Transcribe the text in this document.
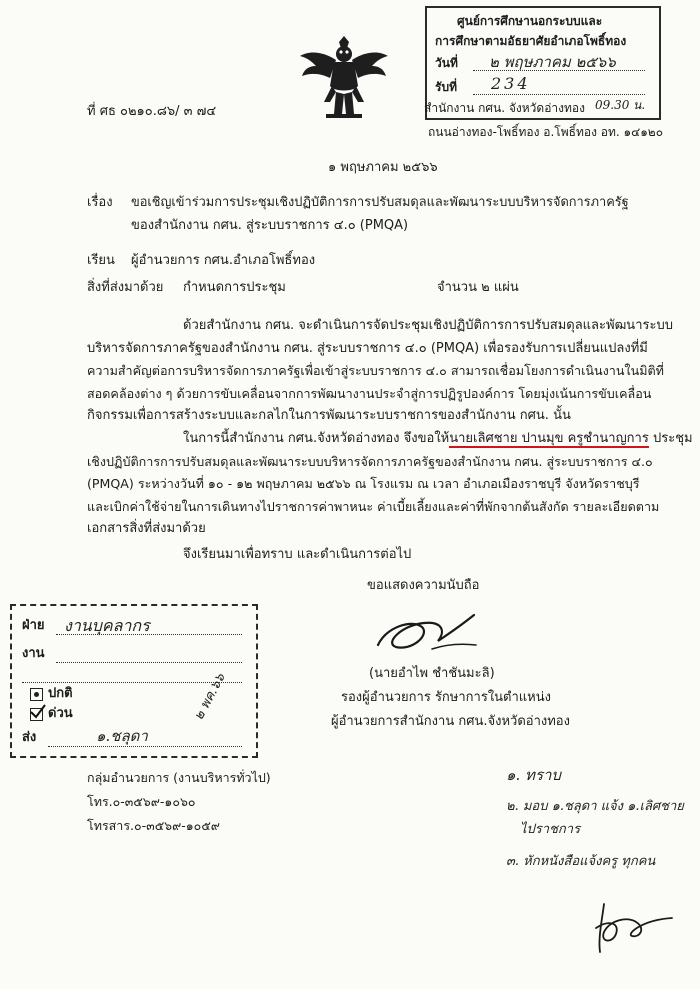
ศูนย์การศึกษานอกระบบและ
การศึกษาตามอัธยาศัยอำเภอโพธิ์ทอง
วันที่ ๒ พฤษภาคม ๒๕๖๖
รับที่ 234
09.30 น.
ที่ ศธ ๐๒๑๐.๘๖/ ๓ ๗๔	สำนักงาน กศน. จังหวัดอ่างทอง
ถนนอ่างทอง-โพธิ์ทอง อ.โพธิ์ทอง อท. ๑๔๑๒๐
๑ พฤษภาคม ๒๕๖๖
เรื่อง ขอเชิญเข้าร่วมการประชุมเชิงปฏิบัติการการปรับสมดุลและพัฒนาระบบบริหารจัดการภาครัฐ
ของสำนักงาน กศน. สู่ระบบราชการ ๔.๐ (PMQA)
เรียน ผู้อำนวยการ กศน.อำเภอโพธิ์ทอง
สิ่งที่ส่งมาด้วย กำหนดการประชุม	จำนวน ๒ แผ่น
ด้วยสำนักงาน กศน. จะดำเนินการจัดประชุมเชิงปฏิบัติการการปรับสมดุลและพัฒนาระบบ
บริหารจัดการภาครัฐของสำนักงาน กศน. สู่ระบบราชการ ๔.๐ (PMQA) เพื่อรองรับการเปลี่ยนแปลงที่มี
ความสำคัญต่อการบริหารจัดการภาครัฐเพื่อเข้าสู่ระบบราชการ ๔.๐ สามารถเชื่อมโยงการดำเนินงานในมิติที่
สอดคล้องต่าง ๆ ด้วยการขับเคลื่อนจากการพัฒนางานประจำสู่การปฏิรูปองค์การ โดยมุ่งเน้นการขับเคลื่อน
กิจกรรมเพื่อการสร้างระบบและกลไกในการพัฒนาระบบราชการของสำนักงาน กศน. นั้น
ในการนี้สำนักงาน กศน.จังหวัดอ่างทอง จึงขอให้นายเลิศชาย ปานมุข ครูชำนาญการ ประชุม
เชิงปฏิบัติการการปรับสมดุลและพัฒนาระบบบริหารจัดการภาครัฐของสำนักงาน กศน. สู่ระบบราชการ ๔.๐
(PMQA) ระหว่างวันที่ ๑๐ - ๑๒ พฤษภาคม ๒๕๖๖ ณ โรงแรม ณ เวลา อำเภอเมืองราชบุรี จังหวัดราชบุรี
และเบิกค่าใช้จ่ายในการเดินทางไปราชการค่าพาหนะ ค่าเบี้ยเลี้ยงและค่าที่พักจากต้นสังกัด รายละเอียดตาม
เอกสารสิ่งที่ส่งมาด้วย
จึงเรียนมาเพื่อทราบ และดำเนินการต่อไป
ขอแสดงความนับถือ
(นายอำไพ ชำชันมะลิ)
รองผู้อำนวยการ รักษาการในตำแหน่ง
ผู้อำนวยการสำนักงาน กศน.จังหวัดอ่างทอง
ฝ่าย งานบุคลากร
งาน
ปกติ
ด่วน
ส่ง	๑.ชลุดา
๒ พค.๖๖
กลุ่มอำนวยการ (งานบริหารทั่วไป)
โทร.๐-๓๕๖๙-๑๐๖๐
โทรสาร.๐-๓๕๖๙-๑๐๕๙
๑. ทราบ
๒. มอบ ๑.ชลุดา แจ้ง ๑.เลิศชาย
ไปราชการ
๓. หักหนังสือแจ้งครู ทุกคน
